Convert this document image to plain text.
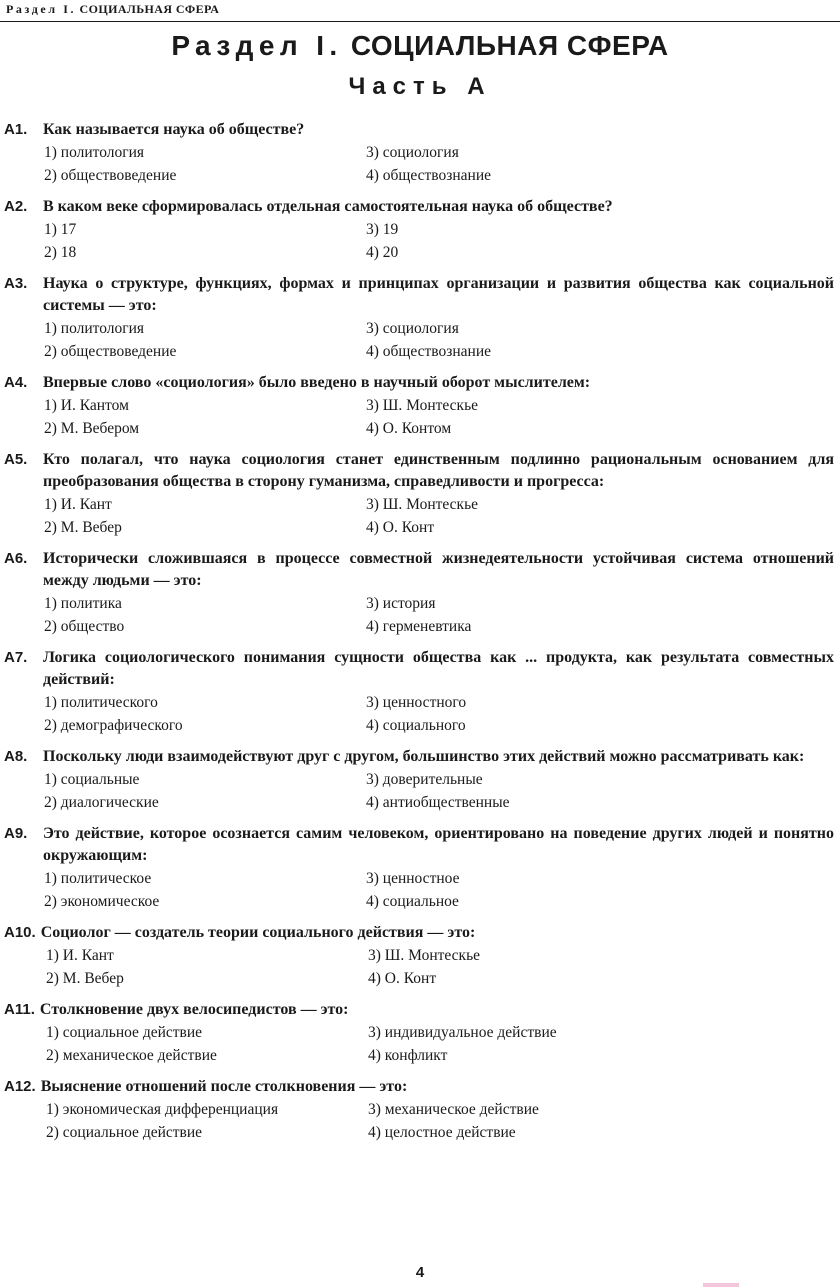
Раздел I. СОЦИАЛЬНАЯ СФЕРА
Раздел I. СОЦИАЛЬНАЯ СФЕРА
Часть А
A1. Как называется наука об обществе?
1) политология	3) социология
2) обществоведение	4) обществознание
A2. В каком веке сформировалась отдельная самостоятельная наука об обществе?
1) 17	3) 19
2) 18	4) 20
A3. Наука о структуре, функциях, формах и принципах организации и развития общества как социальной системы — это:
1) политология	3) социология
2) обществоведение	4) обществознание
A4. Впервые слово «социология» было введено в научный оборот мыслителем:
1) И. Кантом	3) Ш. Монтескье
2) М. Вебером	4) О. Контом
A5. Кто полагал, что наука социология станет единственным подлинно рациональным основанием для преобразования общества в сторону гуманизма, справедливости и прогресса:
1) И. Кант	3) Ш. Монтескье
2) М. Вебер	4) О. Конт
A6. Исторически сложившаяся в процессе совместной жизнедеятельности устойчивая система отношений между людьми — это:
1) политика	3) история
2) общество	4) герменевтика
A7. Логика социологического понимания сущности общества как ... продукта, как результата совместных действий:
1) политического	3) ценностного
2) демографического	4) социального
A8. Поскольку люди взаимодействуют друг с другом, большинство этих действий можно рассматривать как:
1) социальные	3) доверительные
2) диалогические	4) антиобщественные
A9. Это действие, которое осознается самим человеком, ориентировано на поведение других людей и понятно окружающим:
1) политическое	3) ценностное
2) экономическое	4) социальное
A10. Социолог — создатель теории социального действия — это:
1) И. Кант	3) Ш. Монтескье
2) М. Вебер	4) О. Конт
A11. Столкновение двух велосипедистов — это:
1) социальное действие	3) индивидуальное действие
2) механическое действие	4) конфликт
A12. Выяснение отношений после столкновения — это:
1) экономическая дифференциация	3) механическое действие
2) социальное действие	4) целостное действие
4
